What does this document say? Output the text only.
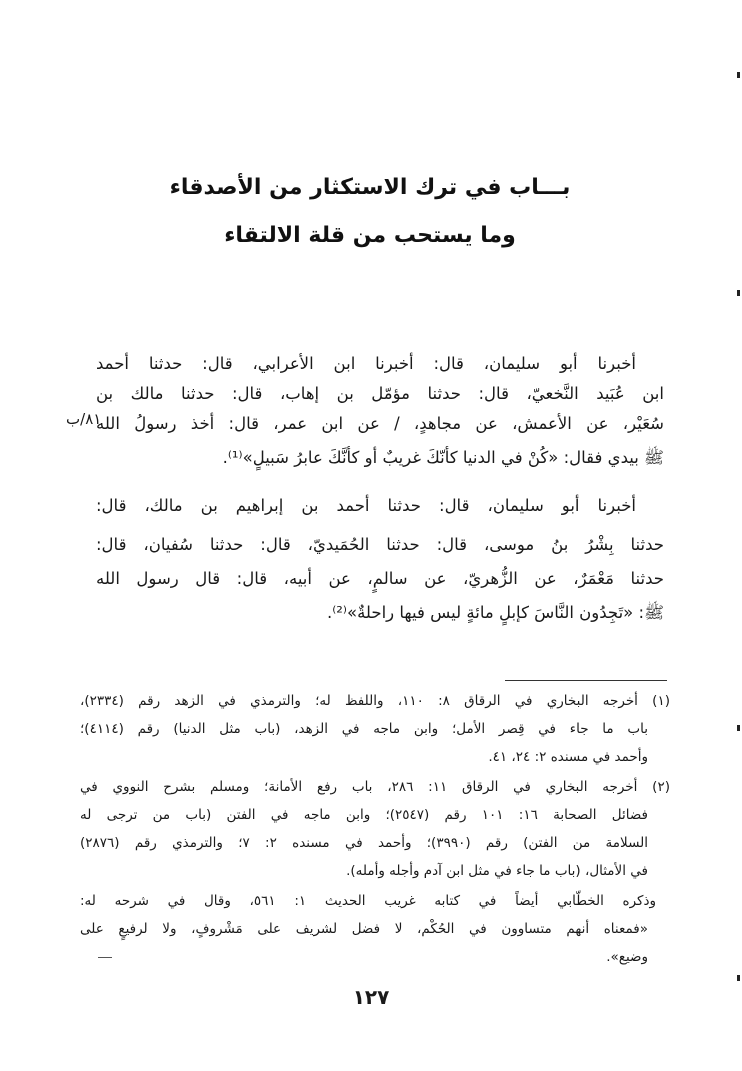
بـــاب في ترك الاستكثار من الأصدقاء
وما يستحب من قلة الالتقاء
٨١/ب
أخبرنا أبو سليمان، قال: أخبرنا ابن الأعرابي، قال: حدثنا أحمد
ابن عُبَيد النَّخعيّ، قال: حدثنا مؤمّل بن إهاب، قال: حدثنا مالك بن
سُعَيْر، عن الأعمش، عن مجاهدٍ، / عن ابن عمر، قال: أخذ رسولُ الله
ﷺ بيدي فقال: «كُنْ في الدنيا كأنّكَ غريبٌ أو كأنَّكَ عابرُ سَبيلٍ»⁽¹⁾.
أخبرنا أبو سليمان، قال: حدثنا أحمد بن إبراهيم بن مالك، قال:
حدثنا بِشْرُ بنُ موسى، قال: حدثنا الحُمَيديّ، قال: حدثنا سُفيان، قال:
حدثنا مَعْمَرٌ، عن الزُّهريّ، عن سالمٍ، عن أبيه، قال: قال رسول الله
ﷺ: «تَجِدُون النَّاسَ كإبلٍ مائةٍ ليس فيها راحلةٌ»⁽²⁾.
(١) أخرجه البخاري في الرقاق ٨: ١١٠، واللفظ له؛ والترمذي في الزهد رقم (٢٣٣٤)،
باب ما جاء في قِصر الأمل؛ وابن ماجه في الزهد، (باب مثل الدنيا) رقم (٤١١٤)؛
وأحمد في مسنده ٢: ٢٤، ٤١.
(٢) أخرجه البخاري في الرقاق ١١: ٢٨٦، باب رفع الأمانة؛ ومسلم بشرح النووي في
فضائل الصحابة ١٦: ١٠١ رقم (٢٥٤٧)؛ وابن ماجه في الفتن (باب من ترجى له
السلامة من الفتن) رقم (٣٩٩٠)؛ وأحمد في مسنده ٢: ٧؛ والترمذي رقم (٢٨٧٦)
في الأمثال، (باب ما جاء في مثل ابن آدم وأجله وأمله).
وذكره الخطّابي أيضاً في كتابه غريب الحديث ١: ٥٦١، وقال في شرحه له:
«فمعناه أنهم متساوون في الحُكْم، لا فضل لشريف على مَشْروفٍ، ولا لرفيعٍ على
وضيع».
١٢٧
